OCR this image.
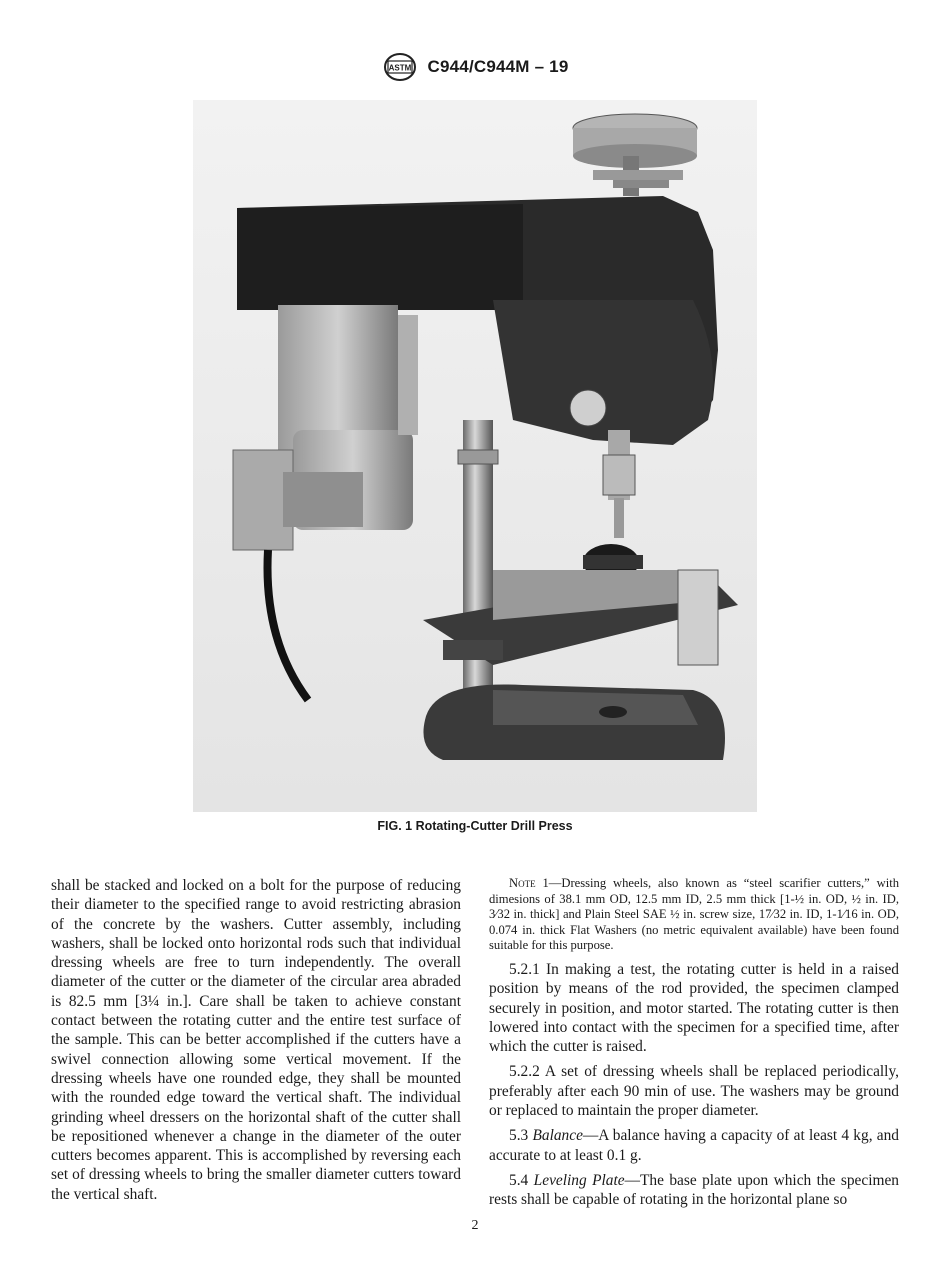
ASTM C944/C944M – 19
FIG. 1 Rotating-Cutter Drill Press

shall be stacked and locked on a bolt for the purpose of reducing their diameter to the specified range to avoid restricting abrasion of the concrete by the washers. Cutter assembly, including washers, shall be locked onto horizontal rods such that individual dressing wheels are free to turn independently. The overall diameter of the cutter or the diameter of the circular area abraded is 82.5 mm [3¼ in.]. Care shall be taken to achieve constant contact between the rotating cutter and the entire test surface of the sample. This can be better accomplished if the cutters have a swivel connection allowing some vertical movement. If the dressing wheels have one rounded edge, they shall be mounted with the rounded edge toward the vertical shaft. The individual grinding wheel dressers on the horizontal shaft of the cutter shall be repositioned whenever a change in the diameter of the outer cutters becomes apparent. This is accomplished by reversing each set of dressing wheels to bring the smaller diameter cutters toward the vertical shaft.

Note 1—Dressing wheels, also known as “steel scarifier cutters,” with dimesions of 38.1 mm OD, 12.5 mm ID, 2.5 mm thick [1-½ in. OD, ½ in. ID, 3⁄32 in. thick] and Plain Steel SAE ½ in. screw size, 17⁄32 in. ID, 1-1⁄16 in. OD, 0.074 in. thick Flat Washers (no metric equivalent available) have been found suitable for this purpose.

5.2.1 In making a test, the rotating cutter is held in a raised position by means of the rod provided, the specimen clamped securely in position, and motor started. The rotating cutter is then lowered into contact with the specimen for a specified time, after which the cutter is raised.

5.2.2 A set of dressing wheels shall be replaced periodically, preferably after each 90 min of use. The washers may be ground or replaced to maintain the proper diameter.

5.3 Balance—A balance having a capacity of at least 4 kg, and accurate to at least 0.1 g.

5.4 Leveling Plate—The base plate upon which the specimen rests shall be capable of rotating in the horizontal plane so

2
